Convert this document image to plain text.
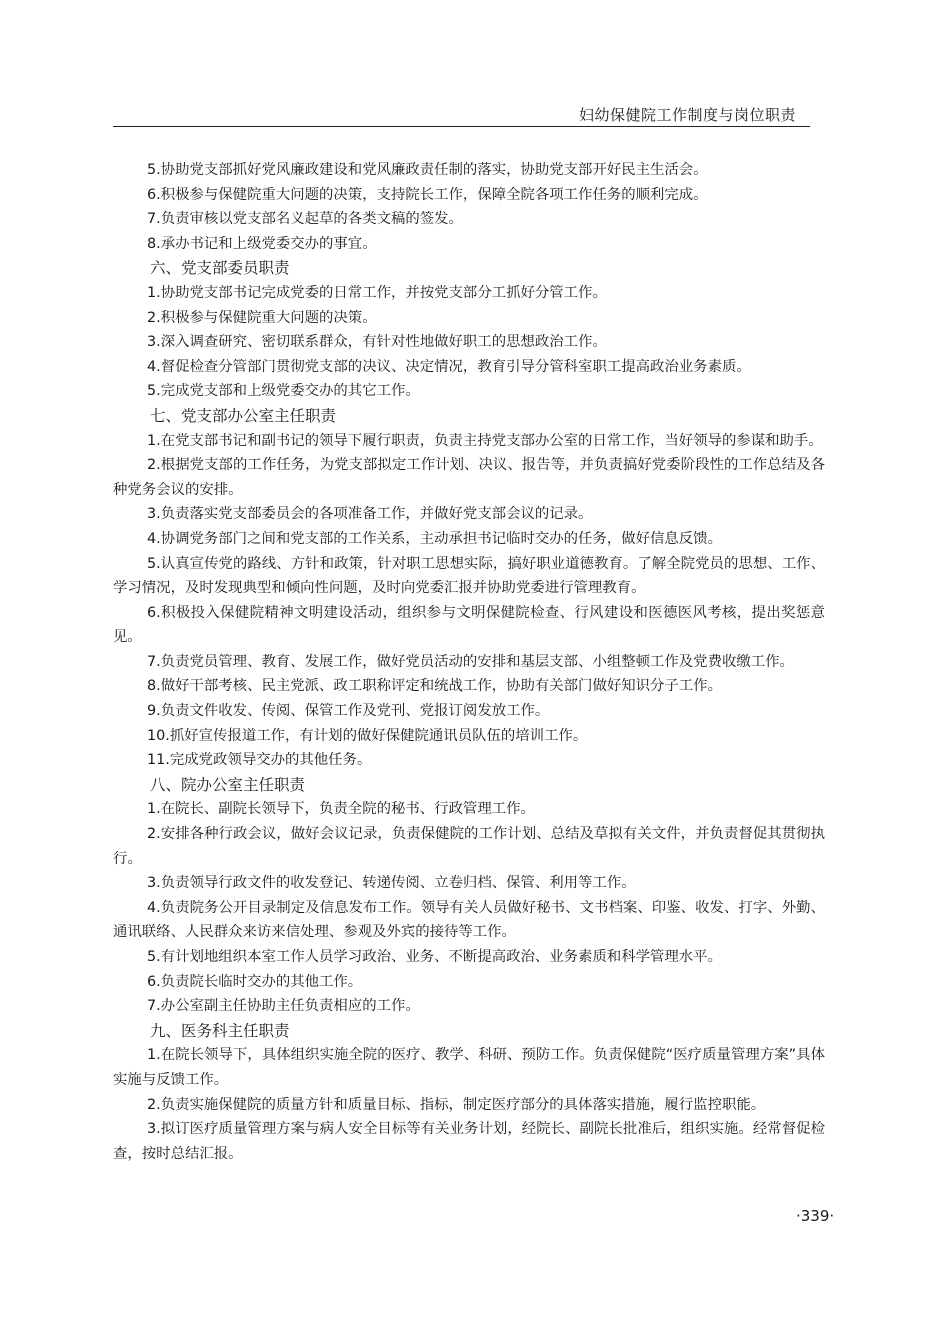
妇幼保健院工作制度与岗位职责
5.协助党支部抓好党风廉政建设和党风廉政责任制的落实，协助党支部开好民主生活会。
6.积极参与保健院重大问题的决策，支持院长工作，保障全院各项工作任务的顺利完成。
7.负责审核以党支部名义起草的各类文稿的签发。
8.承办书记和上级党委交办的事宜。
六、党支部委员职责
1.协助党支部书记完成党委的日常工作，并按党支部分工抓好分管工作。
2.积极参与保健院重大问题的决策。
3.深入调查研究、密切联系群众，有针对性地做好职工的思想政治工作。
4.督促检查分管部门贯彻党支部的决议、决定情况，教育引导分管科室职工提高政治业务素质。
5.完成党支部和上级党委交办的其它工作。
七、党支部办公室主任职责
1.在党支部书记和副书记的领导下履行职责，负责主持党支部办公室的日常工作，当好领导的参谋和助手。
2.根据党支部的工作任务，为党支部拟定工作计划、决议、报告等，并负责搞好党委阶段性的工作总结及各种党务会议的安排。
3.负责落实党支部委员会的各项准备工作，并做好党支部会议的记录。
4.协调党务部门之间和党支部的工作关系，主动承担书记临时交办的任务，做好信息反馈。
5.认真宣传党的路线、方针和政策，针对职工思想实际，搞好职业道德教育。了解全院党员的思想、工作、学习情况，及时发现典型和倾向性问题，及时向党委汇报并协助党委进行管理教育。
6.积极投入保健院精神文明建设活动，组织参与文明保健院检查、行风建设和医德医风考核，提出奖惩意见。
7.负责党员管理、教育、发展工作，做好党员活动的安排和基层支部、小组整顿工作及党费收缴工作。
8.做好干部考核、民主党派、政工职称评定和统战工作，协助有关部门做好知识分子工作。
9.负责文件收发、传阅、保管工作及党刊、党报订阅发放工作。
10.抓好宣传报道工作，有计划的做好保健院通讯员队伍的培训工作。
11.完成党政领导交办的其他任务。
八、院办公室主任职责
1.在院长、副院长领导下，负责全院的秘书、行政管理工作。
2.安排各种行政会议，做好会议记录，负责保健院的工作计划、总结及草拟有关文件，并负责督促其贯彻执行。
3.负责领导行政文件的收发登记、转递传阅、立卷归档、保管、利用等工作。
4.负责院务公开目录制定及信息发布工作。领导有关人员做好秘书、文书档案、印鉴、收发、打字、外勤、通讯联络、人民群众来访来信处理、参观及外宾的接待等工作。
5.有计划地组织本室工作人员学习政治、业务、不断提高政治、业务素质和科学管理水平。
6.负责院长临时交办的其他工作。
7.办公室副主任协助主任负责相应的工作。
九、医务科主任职责
1.在院长领导下，具体组织实施全院的医疗、教学、科研、预防工作。负责保健院“医疗质量管理方案”具体实施与反馈工作。
2.负责实施保健院的质量方针和质量目标、指标，制定医疗部分的具体落实措施，履行监控职能。
3.拟订医疗质量管理方案与病人安全目标等有关业务计划，经院长、副院长批准后，组织实施。经常督促检查，按时总结汇报。
·339·
